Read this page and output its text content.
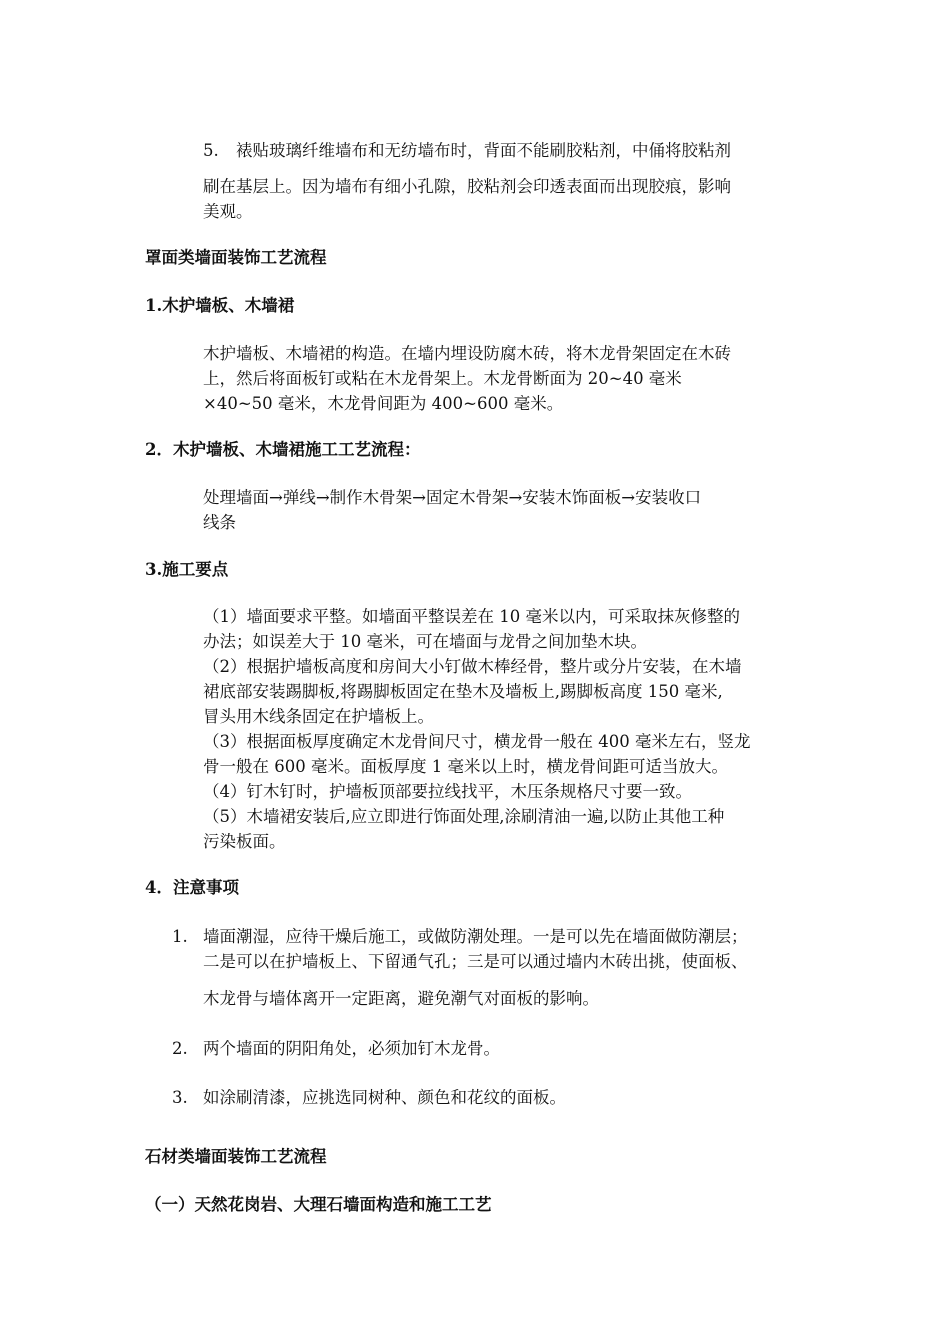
5. 裱贴玻璃纤维墙布和无纺墙布时，背面不能刷胶粘剂，中俑将胶粘剂
刷在基层上。因为墙布有细小孔隙，胶粘剂会印透表面而出现胶痕，影响
美观。

罩面类墙面装饰工艺流程

1.木护墙板、木墙裙

木护墙板、木墙裙的构造。在墙内埋设防腐木砖，将木龙骨架固定在木砖
上，然后将面板钉或粘在木龙骨架上。木龙骨断面为 20~40 毫米
×40~50 毫米，木龙骨间距为 400~600 毫米。

2．木护墙板、木墙裙施工工艺流程：

处理墙面→弹线→制作木骨架→固定木骨架→安装木饰面板→安装收口
线条

3.施工要点

（1）墙面要求平整。如墙面平整误差在 10 毫米以内，可采取抹灰修整的
办法；如误差大于 10 毫米，可在墙面与龙骨之间加垫木块。
（2）根据护墙板高度和房间大小钉做木棒经骨，整片或分片安装，在木墙
裙底部安装踢脚板,将踢脚板固定在垫木及墙板上,踢脚板高度 150 毫米,
冒头用木线条固定在护墙板上。
（3）根据面板厚度确定木龙骨间尺寸，横龙骨一般在 400 毫米左右，竖龙
骨一般在 600 毫米。面板厚度 1 毫米以上时，横龙骨间距可适当放大。
（4）钉木钉时，护墙板顶部要拉线找平，木压条规格尺寸要一致。
（5）木墙裙安装后,应立即进行饰面处理,涂刷清油一遍,以防止其他工种
污染板面。

4．注意事项

1. 墙面潮湿，应待干燥后施工，或做防潮处理。一是可以先在墙面做防潮层；
二是可以在护墙板上、下留通气孔；三是可以通过墙内木砖出挑，使面板、
木龙骨与墙体离开一定距离，避免潮气对面板的影响。
2. 两个墙面的阴阳角处，必须加钉木龙骨。
3. 如涂刷清漆，应挑选同树种、颜色和花纹的面板。

石材类墙面装饰工艺流程

（一）天然花岗岩、大理石墙面构造和施工工艺
